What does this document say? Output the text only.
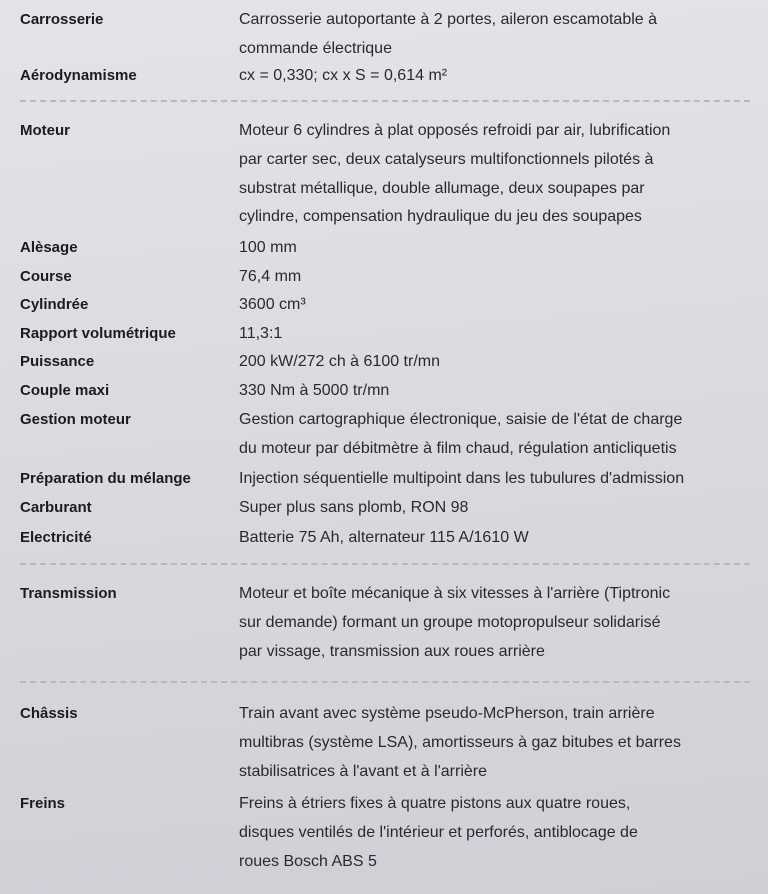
Carrosserie	Carrosserie autoportante à 2 portes, aileron escamotable à
commande électrique
Aérodynamisme	cx = 0,330; cx x S = 0,614 m²
Moteur	Moteur 6 cylindres à plat opposés refroidi par air, lubrification
par carter sec, deux catalyseurs multifonctionnels pilotés à
substrat métallique, double allumage, deux soupapes par
cylindre, compensation hydraulique du jeu des soupapes
Alèsage	100 mm
Course	76,4 mm
Cylindrée	3600 cm³
Rapport volumétrique	11,3:1
Puissance	200 kW/272 ch à 6100 tr/mn
Couple maxi	330 Nm à 5000 tr/mn
Gestion moteur	Gestion cartographique électronique, saisie de l'état de charge
du moteur par débitmètre à film chaud, régulation anticliquetis
Préparation du mélange	Injection séquentielle multipoint dans les tubulures d'admission
Carburant	Super plus sans plomb, RON 98
Electricité	Batterie 75 Ah, alternateur 115 A/1610 W
Transmission	Moteur et boîte mécanique à six vitesses à l'arrière (Tiptronic
sur demande) formant un groupe motopropulseur solidarisé
par vissage, transmission aux roues arrière
Châssis	Train avant avec système pseudo-McPherson, train arrière
multibras (système LSA), amortisseurs à gaz bitubes et barres
stabilisatrices à l'avant et à l'arrière
Freins	Freins à étriers fixes à quatre pistons aux quatre roues,
disques ventilés de l'intérieur et perforés, antiblocage de
roues Bosch ABS 5
